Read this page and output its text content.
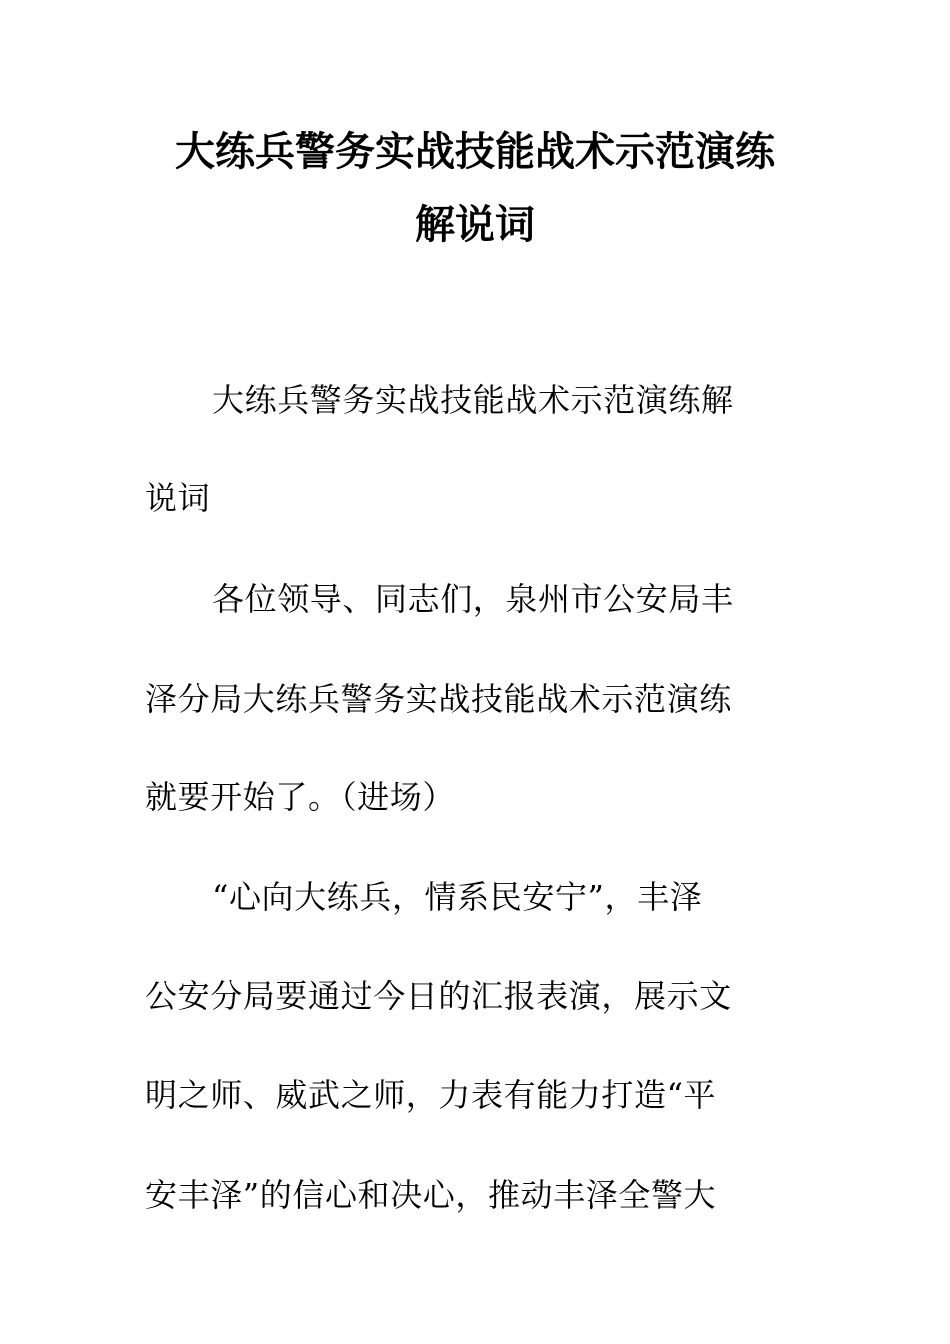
大练兵警务实战技能战术示范演练
解说词
大练兵警务实战技能战术示范演练解
说词
各位领导、同志们，泉州市公安局丰
泽分局大练兵警务实战技能战术示范演练
就要开始了。（进场）
“心向大练兵，情系民安宁”，丰泽
公安分局要通过今日的汇报表演，展示文
明之师、威武之师，力表有能力打造“平
安丰泽”的信心和决心，推动丰泽全警大
